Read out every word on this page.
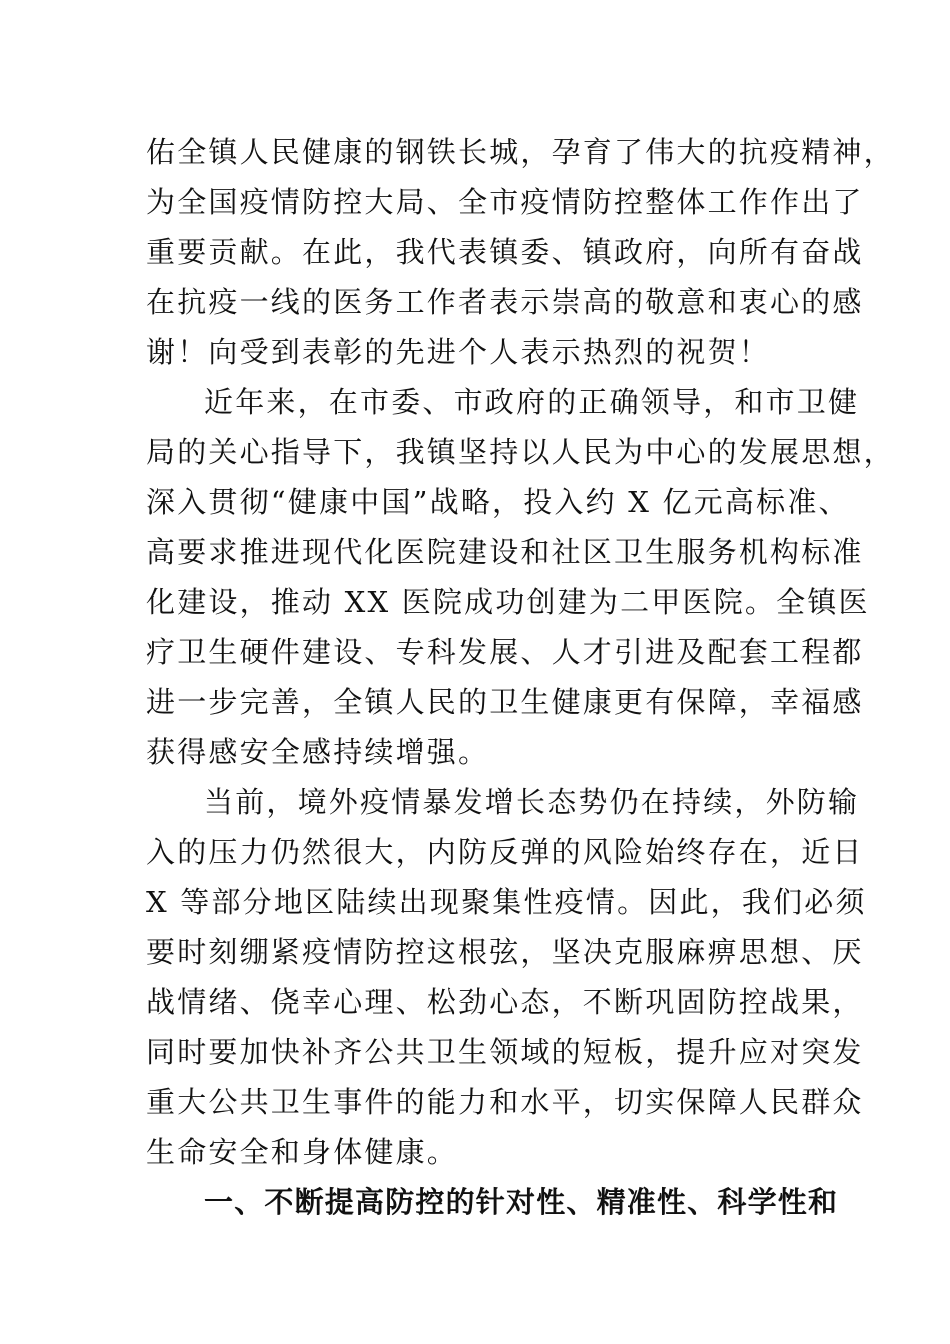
佑全镇人民健康的钢铁长城，孕育了伟大的抗疫精神，
为全国疫情防控大局、全市疫情防控整体工作作出了
重要贡献。在此，我代表镇委、镇政府，向所有奋战
在抗疫一线的医务工作者表示崇高的敬意和衷心的感
谢！向受到表彰的先进个人表示热烈的祝贺！
近年来，在市委、市政府的正确领导，和市卫健
局的关心指导下，我镇坚持以人民为中心的发展思想，
深入贯彻“健康中国”战略，投入约 X 亿元高标准、
高要求推进现代化医院建设和社区卫生服务机构标准
化建设，推动 XX 医院成功创建为二甲医院。全镇医
疗卫生硬件建设、专科发展、人才引进及配套工程都
进一步完善，全镇人民的卫生健康更有保障，幸福感
获得感安全感持续增强。
当前，境外疫情暴发增长态势仍在持续，外防输
入的压力仍然很大，内防反弹的风险始终存在，近日
X 等部分地区陆续出现聚集性疫情。因此，我们必须
要时刻绷紧疫情防控这根弦，坚决克服麻痹思想、厌
战情绪、侥幸心理、松劲心态，不断巩固防控战果，
同时要加快补齐公共卫生领域的短板，提升应对突发
重大公共卫生事件的能力和水平，切实保障人民群众
生命安全和身体健康。
一、不断提高防控的针对性、精准性、科学性和
